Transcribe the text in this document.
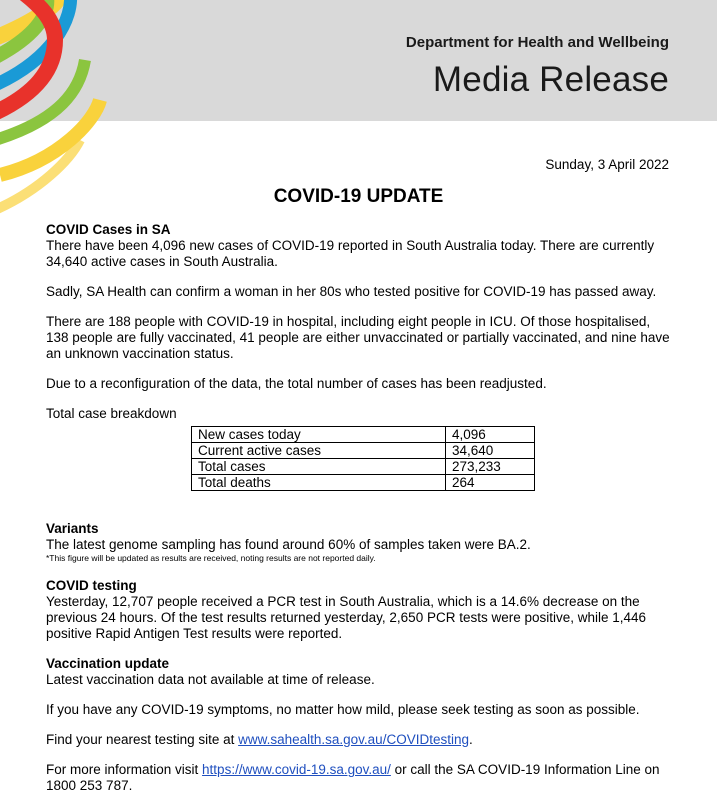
Department for Health and Wellbeing
Media Release
Sunday, 3 April 2022
COVID-19 UPDATE

COVID Cases in SA
There have been 4,096 new cases of COVID-19 reported in South Australia today. There are currently 34,640 active cases in South Australia.

Sadly, SA Health can confirm a woman in her 80s who tested positive for COVID-19 has passed away.

There are 188 people with COVID-19 in hospital, including eight people in ICU. Of those hospitalised, 138 people are fully vaccinated, 41 people are either unvaccinated or partially vaccinated, and nine have an unknown vaccination status.

Due to a reconfiguration of the data, the total number of cases has been readjusted.

Total case breakdown
New cases today	4,096
Current active cases	34,640
Total cases	273,233
Total deaths	264

Variants
The latest genome sampling has found around 60% of samples taken were BA.2.
*This figure will be updated as results are received, noting results are not reported daily.

COVID testing
Yesterday, 12,707 people received a PCR test in South Australia, which is a 14.6% decrease on the previous 24 hours. Of the test results returned yesterday, 2,650 PCR tests were positive, while 1,446 positive Rapid Antigen Test results were reported.

Vaccination update
Latest vaccination data not available at time of release.

If you have any COVID-19 symptoms, no matter how mild, please seek testing as soon as possible.

Find your nearest testing site at www.sahealth.sa.gov.au/COVIDtesting.

For more information visit https://www.covid-19.sa.gov.au/ or call the SA COVID-19 Information Line on 1800 253 787.
